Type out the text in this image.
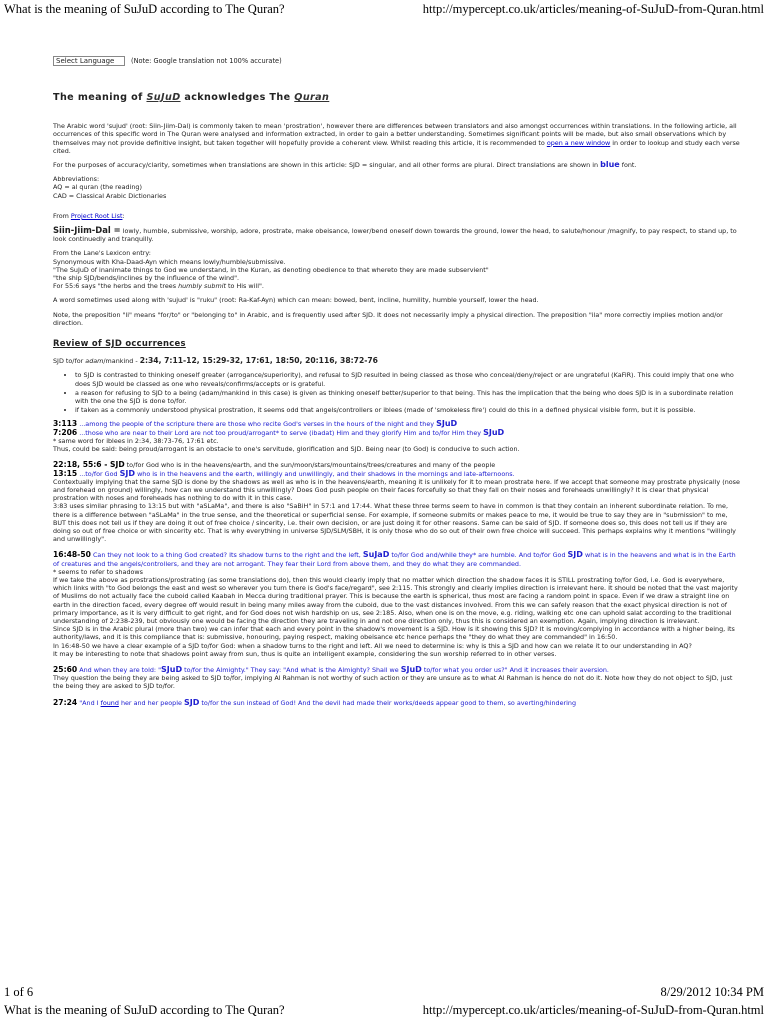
What is the meaning of SuJuD according to The Quran?	http://mypercept.co.uk/articles/meaning-of-SuJuD-from-Quran.html
Select Language	(Note: Google translation not 100% accurate)
The meaning of SuJuD acknowledges The Quran

The Arabic word 'sujud' (root: Siin-Jiim-Dal) is commonly taken to mean 'prostration', however there are differences between translators and also amongst occurrences within translations. In the following article, all occurrences of this specific word in The Quran were analysed and information extracted, in order to gain a better understanding. Sometimes significant points will be made, but also small observations which by themselves may not provide definitive insight, but taken together will hopefully provide a coherent view. Whilst reading this article, it is recommended to open a new window in order to lookup and study each verse cited.

For the purposes of accuracy/clarity, sometimes when translations are shown in this article: SJD = singular, and all other forms are plural. Direct translations are shown in blue font.

Abbreviations:
AQ = al quran (the reading)
CAD = Classical Arabic Dictionaries

From Project Root List:

Siin-Jiim-Dal = lowly, humble, submissive, worship, adore, prostrate, make obeisance, lower/bend oneself down towards the ground, lower the head, to salute/honour /magnify, to pay respect, to stand up, to look continuedly and tranquilly.

From the Lane's Lexicon entry:
Synonymous with Kha-Daad-Ayn which means lowly/humble/submissive.
"The SuJuD of inanimate things to God we understand, in the Kuran, as denoting obedience to that whereto they are made subservient"
"the ship SJD/bends/inclines by the influence of the wind".
For 55:6 says "the herbs and the trees humbly submit to His will".

A word sometimes used along with 'sujud' is "ruku" (root: Ra-Kaf-Ayn) which can mean: bowed, bent, incline, humility, humble yourself, lower the head.

Note, the preposition "li" means "for/to" or "belonging to" in Arabic, and is frequently used after SJD. It does not necessarily imply a physical direction. The preposition "ila" more correctly implies motion and/or direction.

Review of SJD occurrences

SJD to/for adam/mankind - 2:34, 7:11-12, 15:29-32, 17:61, 18:50, 20:116, 38:72-76

• to SJD is contrasted to thinking oneself greater (arrogance/superiority), and refusal to SJD resulted in being classed as those who conceal/deny/reject or are ungrateful (KaFiR). This could imply that one who does SJD would be classed as one who reveals/confirms/accepts or is grateful.
• a reason for refusing to SJD to a being (adam/mankind in this case) is given as thinking oneself better/superior to that being. This has the implication that the being who does SJD is in a subordinate relation with the one the SJD is done to/for.
• if taken as a commonly understood physical prostration, it seems odd that angels/controllers or iblees (made of 'smokeless fire') could do this in a defined physical visible form, but it is possible.

3:113 ...among the people of the scripture there are those who recite God's verses in the hours of the night and they SJuD

7:206 ...those who are near to their Lord are not too proud/arrogant* to serve (ibadat) Him and they glorify Him and to/for Him they SJuD

* same word for iblees in 2:34, 38:73-76, 17:61 etc.
Thus, could be said: being proud/arrogant is an obstacle to one's servitude, glorification and SJD. Being near (to God) is conducive to such action.

22:18, 55:6 - SJD to/for God who is in the heavens/earth, and the sun/moon/stars/mountains/trees/creatures and many of the people

13:15 ...to/for God SJD who is in the heavens and the earth, willingly and unwillingly, and their shadows in the mornings and late-afternoons.

Contextually implying that the same SJD is done by the shadows as well as who is in the heavens/earth, meaning it is unlikely for it to mean prostrate here. If we accept that someone may prostrate physically (nose and forehead on ground) willingly, how can we understand this unwillingly? Does God push people on their faces forcefully so that they fall on their noses and foreheads unwillingly? It is clear that physical prostration with noses and foreheads has nothing to do with it in this case.

3:83 uses similar phrasing to 13:15 but with "aSLaMa", and there is also "SaBiH" in 57:1 and 17:44. What these three terms seem to have in common is that they contain an inherent subordinate relation. To me, there is a difference between "aSLaMa" in the true sense, and the theoretical or superficial sense. For example, if someone submits or makes peace to me, it would be true to say they are in "submission" to me, BUT this does not tell us if they are doing it out of free choice / sincerity, i.e. their own decision, or are just doing it for other reasons. Same can be said of SJD. If someone does so, this does not tell us if they are doing so out of free choice or with sincerity etc. That is why everything in universe SJD/SLM/SBH, it is only those who do so out of their own free choice will succeed. This perhaps explains why it mentions "willingly and unwillingly".

16:48-50 Can they not look to a thing God created? Its shadow turns to the right and the left, SuJaD to/for God and/while they* are humble. And to/for God SJD what is in the heavens and what is in the Earth of creatures and the angels/controllers, and they are not arrogant. They fear their Lord from above them, and they do what they are commanded.

* seems to refer to shadows

If we take the above as prostrations/prostrating (as some translations do), then this would clearly imply that no matter which direction the shadow faces it is STILL prostrating to/for God, i.e. God is everywhere, which links with "to God belongs the east and west so wherever you turn there is God's face/regard", see 2:115. This strongly and clearly implies direction is irrelevant here. It should be noted that the vast majority of Muslims do not actually face the cuboid called Kaabah in Mecca during traditional prayer. This is because the earth is spherical, thus most are facing a random point in space. Even if we draw a straight line on earth in the direction faced, every degree off would result in being many miles away from the cuboid, due to the vast distances involved. From this we can safely reason that the exact physical direction is not of primary importance, as it is very difficult to get right, and for God does not wish hardship on us, see 2:185. Also, when one is on the move, e.g. riding, walking etc one can uphold salat according to the traditional understanding of 2:238-239, but obviously one would be facing the direction they are traveling in and not one direction only, thus this is considered an exemption. Again, implying direction is irrelevant.

Since SJD is in the Arabic plural (more than two) we can infer that each and every point in the shadow's movement is a SJD. How is it showing this SJD? It is moving/complying in accordance with a higher being, its authority/laws, and it is this compliance that is: submissive, honouring, paying respect, making obeisance etc hence perhaps the "they do what they are commanded" in 16:50.

In 16:48-50 we have a clear example of a SJD to/for God: when a shadow turns to the right and left. All we need to determine is: why is this a SJD and how can we relate it to our understanding in AQ?

It may be interesting to note that shadows point away from sun, thus is quite an intelligent example, considering the sun worship referred to in other verses.

25:60 And when they are told: "SJuD to/for the Almighty." They say: "And what is the Almighty? Shall we SJuD to/for what you order us?" And it increases their aversion.

They question the being they are being asked to SJD to/for, implying Al Rahman is not worthy of such action or they are unsure as to what Al Rahman is hence do not do it. Note how they do not object to SJD, just the being they are asked to SJD to/for.

27:24 "And I found her and her people SJD to/for the sun instead of God! And the devil had made their works/deeds appear good to them, so averting/hindering

1 of 6	8/29/2012 10:34 PM
What is the meaning of SuJuD according to The Quran?	http://mypercept.co.uk/articles/meaning-of-SuJuD-from-Quran.html
